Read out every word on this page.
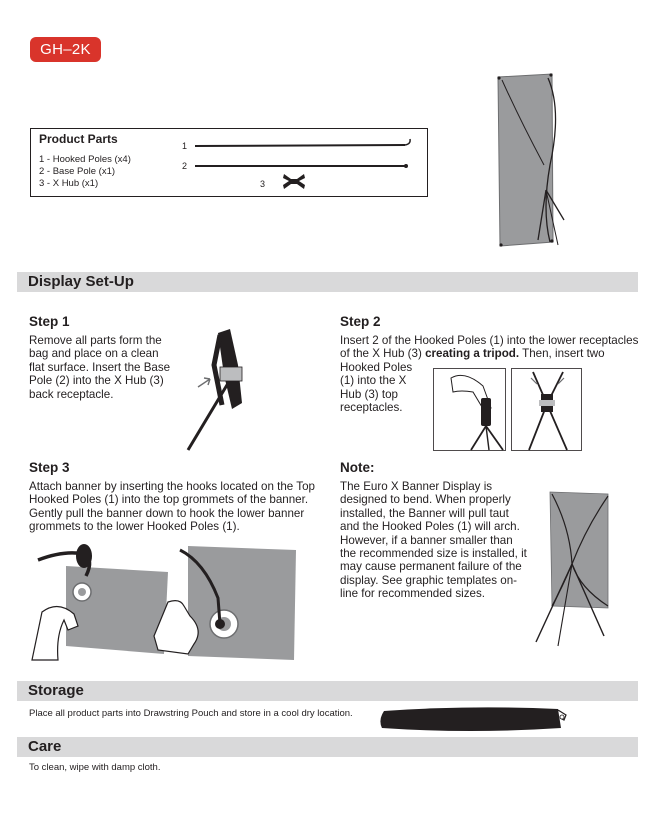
GH–2K
Product Parts
1 - Hooked Poles (x4)
2 - Base Pole (x1)
3 - X Hub (x1)
1
2
3
Display Set-Up
Step 1
Remove all parts form the
bag and place on a clean
flat surface. Insert the Base
Pole (2) into the X Hub (3)
back receptacle.
Step 2
Insert 2 of the Hooked Poles (1) into the lower receptacles
of the X Hub (3) creating a tripod. Then, insert two
Hooked Poles
(1) into the X
Hub (3) top
receptacles.
Step 3
Attach banner by inserting the hooks located on the Top
Hooked Poles (1) into the top grommets of the banner.
Gently pull the banner down to hook the lower banner
grommets to the lower Hooked Poles (1).
Note:
The Euro X Banner Display is
designed to bend. When properly
installed, the Banner will pull taut
and the Hooked Poles (1) will arch.
However, if a banner smaller than
the recommended size is installed, it
may cause permanent failure of the
display. See graphic templates on-
line for recommended sizes.
Storage
Place all product parts into Drawstring Pouch and store in a cool dry location.
Care
To clean, wipe with damp cloth.
